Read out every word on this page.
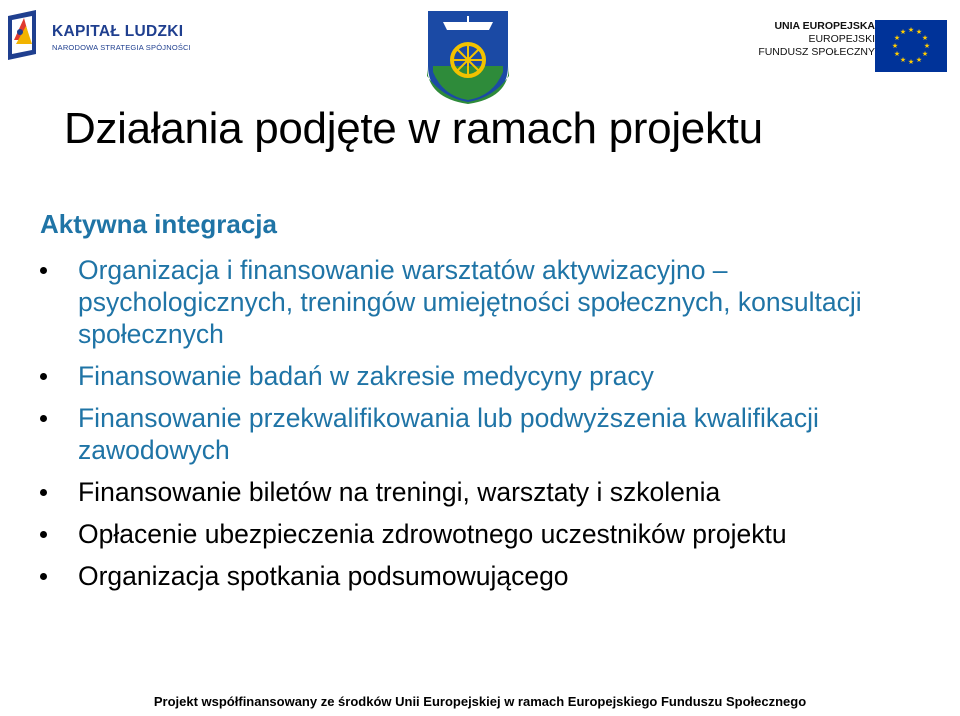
KAPITAŁ LUDZKI
NARODOWA STRATEGIA SPÓJNOŚCI
UNIA EUROPEJSKA
EUROPEJSKI
FUNDUSZ SPOŁECZNY
★ ★
★
★
★
★
★
★
★
★
★
★
Działania podjęte w ramach projektu
Aktywna integracja
Organizacja i finansowanie warsztatów aktywizacyjno – psychologicznych, treningów umiejętności społecznych, konsultacji społecznych
Finansowanie badań w zakresie medycyny pracy
Finansowanie przekwalifikowania lub podwyższenia kwalifikacji zawodowych
Finansowanie biletów na treningi, warsztaty i szkolenia
Opłacenie ubezpieczenia zdrowotnego uczestników projektu
Organizacja spotkania podsumowującego
Projekt współfinansowany ze środków Unii Europejskiej w ramach Europejskiego Funduszu Społecznego
